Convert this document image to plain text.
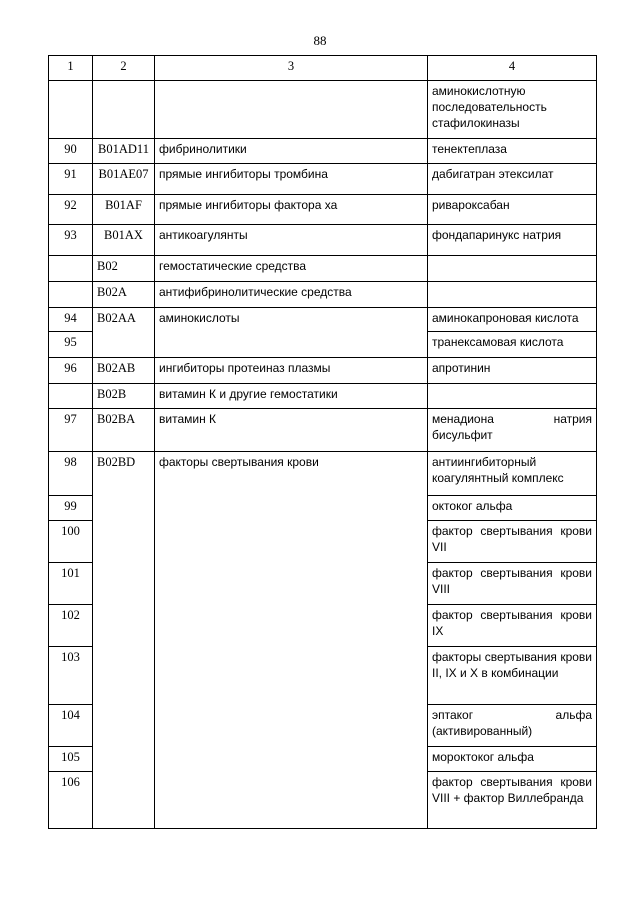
88
1	2	3	4
			аминокислотную последовательность стафилокиназы
90	B01AD11	фибринолитики	тенектеплаза
91	B01AE07	прямые ингибиторы тромбина	дабигатран этексилат
92	B01AF	прямые ингибиторы фактора ха	ривароксабан
93	B01AX	антикоагулянты	фондапаринукс натрия
	B02	гемостатические средства	
	B02A	антифибринолитические средства	
94	B02AA	аминокислоты	аминокапроновая кислота
95			транексамовая кислота
96	B02AB	ингибиторы протеиназ плазмы	апротинин
	B02B	витамин К и другие гемостатики	
97	B02BA	витамин К	менадиона натрия бисульфит
98	B02BD	факторы свертывания крови	антиингибиторный коагулянтный комплекс
99			октоког альфа
100			фактор свертывания крови VII
101			фактор свертывания крови VIII
102			фактор свертывания крови IX
103			факторы свертывания крови II, IX и X в комбинации
104			эптаког альфа (активированный)
105			мороктоког альфа
106			фактор свертывания крови VIII + фактор Виллебранда
